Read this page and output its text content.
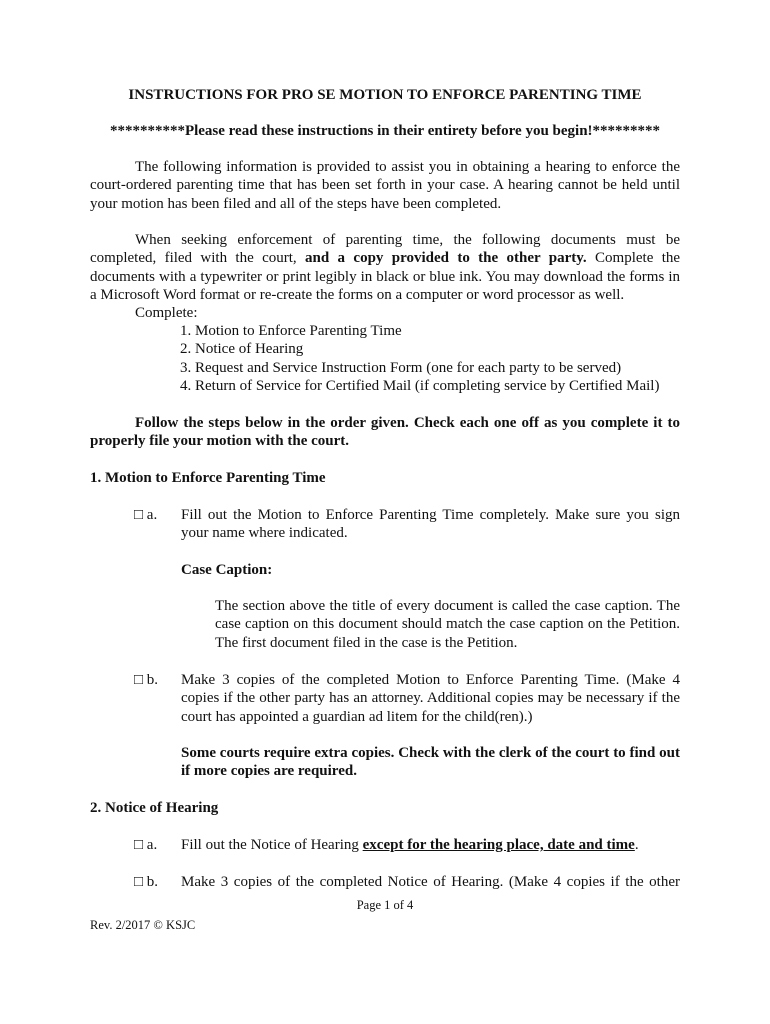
INSTRUCTIONS FOR PRO SE MOTION TO ENFORCE PARENTING TIME
**********Please read these instructions in their entirety before you begin!*********
The following information is provided to assist you in obtaining a hearing to enforce the court-ordered parenting time that has been set forth in your case. A hearing cannot be held until your motion has been filed and all of the steps have been completed.
When seeking enforcement of parenting time, the following documents must be completed, filed with the court, and a copy provided to the other party. Complete the documents with a typewriter or print legibly in black or blue ink. You may download the forms in a Microsoft Word format or re-create the forms on a computer or word processor as well.
Complete:
1. Motion to Enforce Parenting Time
2. Notice of Hearing
3. Request and Service Instruction Form (one for each party to be served)
4. Return of Service for Certified Mail (if completing service by Certified Mail)
Follow the steps below in the order given. Check each one off as you complete it to properly file your motion with the court.
1. Motion to Enforce Parenting Time
□ a. Fill out the Motion to Enforce Parenting Time completely. Make sure you sign your name where indicated.
Case Caption:
The section above the title of every document is called the case caption. The case caption on this document should match the case caption on the Petition. The first document filed in the case is the Petition.
□ b. Make 3 copies of the completed Motion to Enforce Parenting Time. (Make 4 copies if the other party has an attorney. Additional copies may be necessary if the court has appointed a guardian ad litem for the child(ren).)
Some courts require extra copies. Check with the clerk of the court to find out if more copies are required.
2. Notice of Hearing
□ a. Fill out the Notice of Hearing except for the hearing place, date and time.
□ b. Make 3 copies of the completed Notice of Hearing. (Make 4 copies if the other
Page 1 of 4
Rev. 2/2017 © KSJC
